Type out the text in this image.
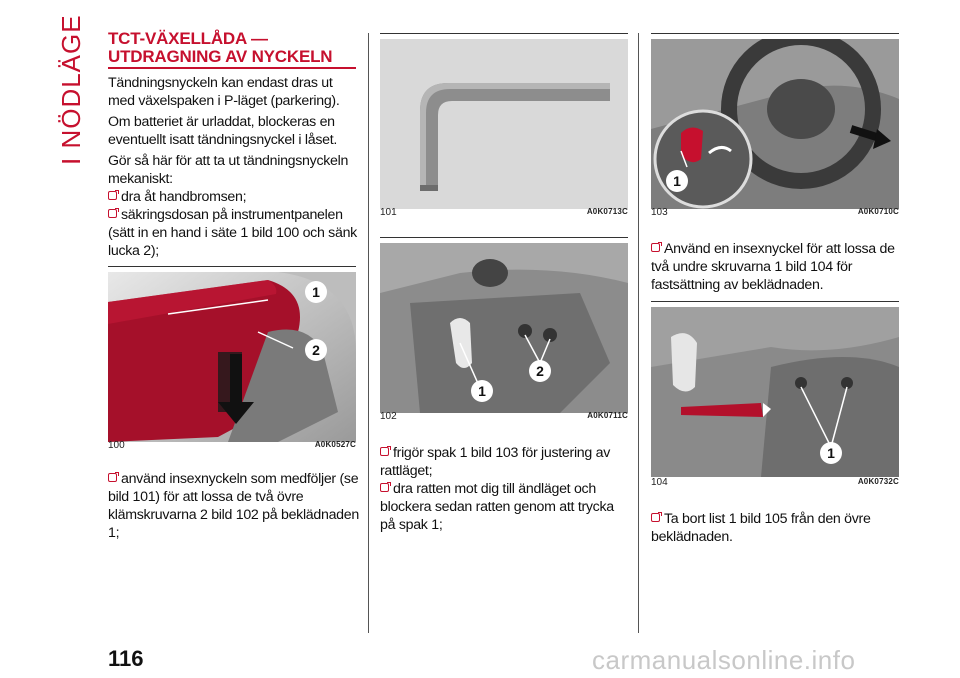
I NÖDLÄGE TCT-VÄXELLÅDA —
UTDRAGNING AV NYCKELN
Tändningsnyckeln kan endast dras ut med växelspaken i P-läget (parkering).
Om batteriet är urladdat, blockeras en eventuellt isatt tändningsnyckel i låset.
Gör så här för att ta ut tändningsnyckeln mekaniskt:
dra åt handbromsen;
säkringsdosan på instrumentpanelen (sätt in en hand i säte 1 bild 100 och sänk lucka 2);
1
2
100	A0K0527C
använd insexnyckeln som medföljer (se bild 101) för att lossa de två övre klämskruvarna 2 bild 102 på beklädnaden 1;
101	A0K0713C
2
1
102	A0K0711C
frigör spak 1 bild 103 för justering av rattläget;
dra ratten mot dig till ändläget och blockera sedan ratten genom att trycka på spak 1;
1
103	A0K0710C
Använd en insexnyckel för att lossa de två undre skruvarna 1 bild 104 för fastsättning av beklädnaden.
1
104	A0K0732C
Ta bort list 1 bild 105 från den övre beklädnaden.
116	carmanualsonline.info
